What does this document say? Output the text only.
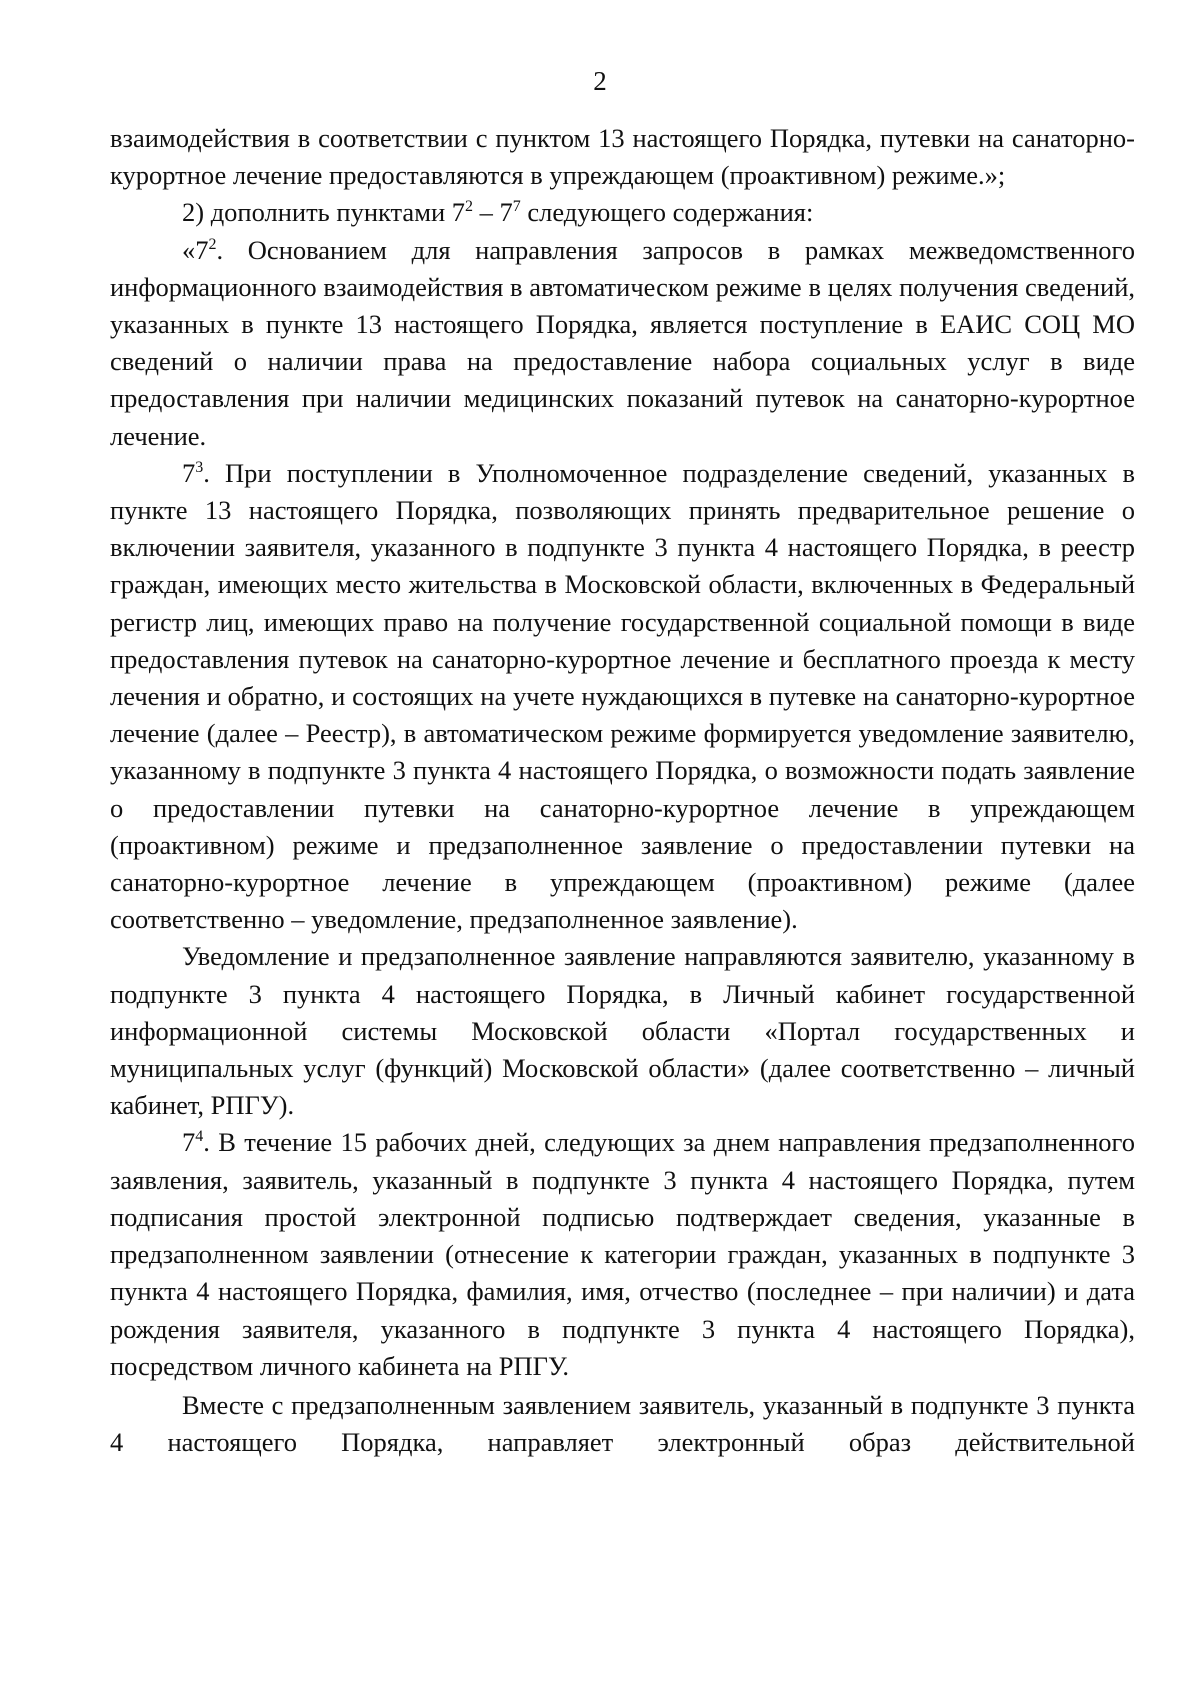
2

взаимодействия в соответствии с пунктом 13 настоящего Порядка, путевки на санаторно-курортное лечение предоставляются в упреждающем (проактивном) режиме.»;

2) дополнить пунктами $7^2 - 7^7$ следующего содержания:

«$7^2$. Основанием для направления запросов в рамках межведомственного информационного взаимодействия в автоматическом режиме в целях получения сведений, указанных в пункте 13 настоящего Порядка, является поступление в ЕАИС СОЦ МО сведений о наличии права на предоставление набора социальных услуг в виде предоставления при наличии медицинских показаний путевок на санаторно-курортное лечение.

$7^3$. При поступлении в Уполномоченное подразделение сведений, указанных в пункте 13 настоящего Порядка, позволяющих принять предварительное решение о включении заявителя, указанного в подпункте 3 пункта 4 настоящего Порядка, в реестр граждан, имеющих место жительства в Московской области, включенных в Федеральный регистр лиц, имеющих право на получение государственной социальной помощи в виде предоставления путевок на санаторно-курортное лечение и бесплатного проезда к месту лечения и обратно, и состоящих на учете нуждающихся в путевке на санаторно-курортное лечение (далее – Реестр), в автоматическом режиме формируется уведомление заявителю, указанному в подпункте 3 пункта 4 настоящего Порядка, о возможности подать заявление о предоставлении путевки на санаторно-курортное лечение в упреждающем (проактивном) режиме и предзаполненное заявление о предоставлении путевки на санаторно-курортное лечение в упреждающем (проактивном) режиме (далее соответственно – уведомление, предзаполненное заявление).

Уведомление и предзаполненное заявление направляются заявителю, указанному в подпункте 3 пункта 4 настоящего Порядка, в Личный кабинет государственной информационной системы Московской области «Портал государственных и муниципальных услуг (функций) Московской области» (далее соответственно – личный кабинет, РПГУ).

$7^4$. В течение 15 рабочих дней, следующих за днем направления предзаполненного заявления, заявитель, указанный в подпункте 3 пункта 4 настоящего Порядка, путем подписания простой электронной подписью подтверждает сведения, указанные в предзаполненном заявлении (отнесение к категории граждан, указанных в подпункте 3 пункта 4 настоящего Порядка, фамилия, имя, отчество (последнее – при наличии) и дата рождения заявителя, указанного в подпункте 3 пункта 4 настоящего Порядка), посредством личного кабинета на РПГУ.

Вместе с предзаполненным заявлением заявитель, указанный в подпункте 3 пункта 4 настоящего Порядка, направляет электронный образ действительной
